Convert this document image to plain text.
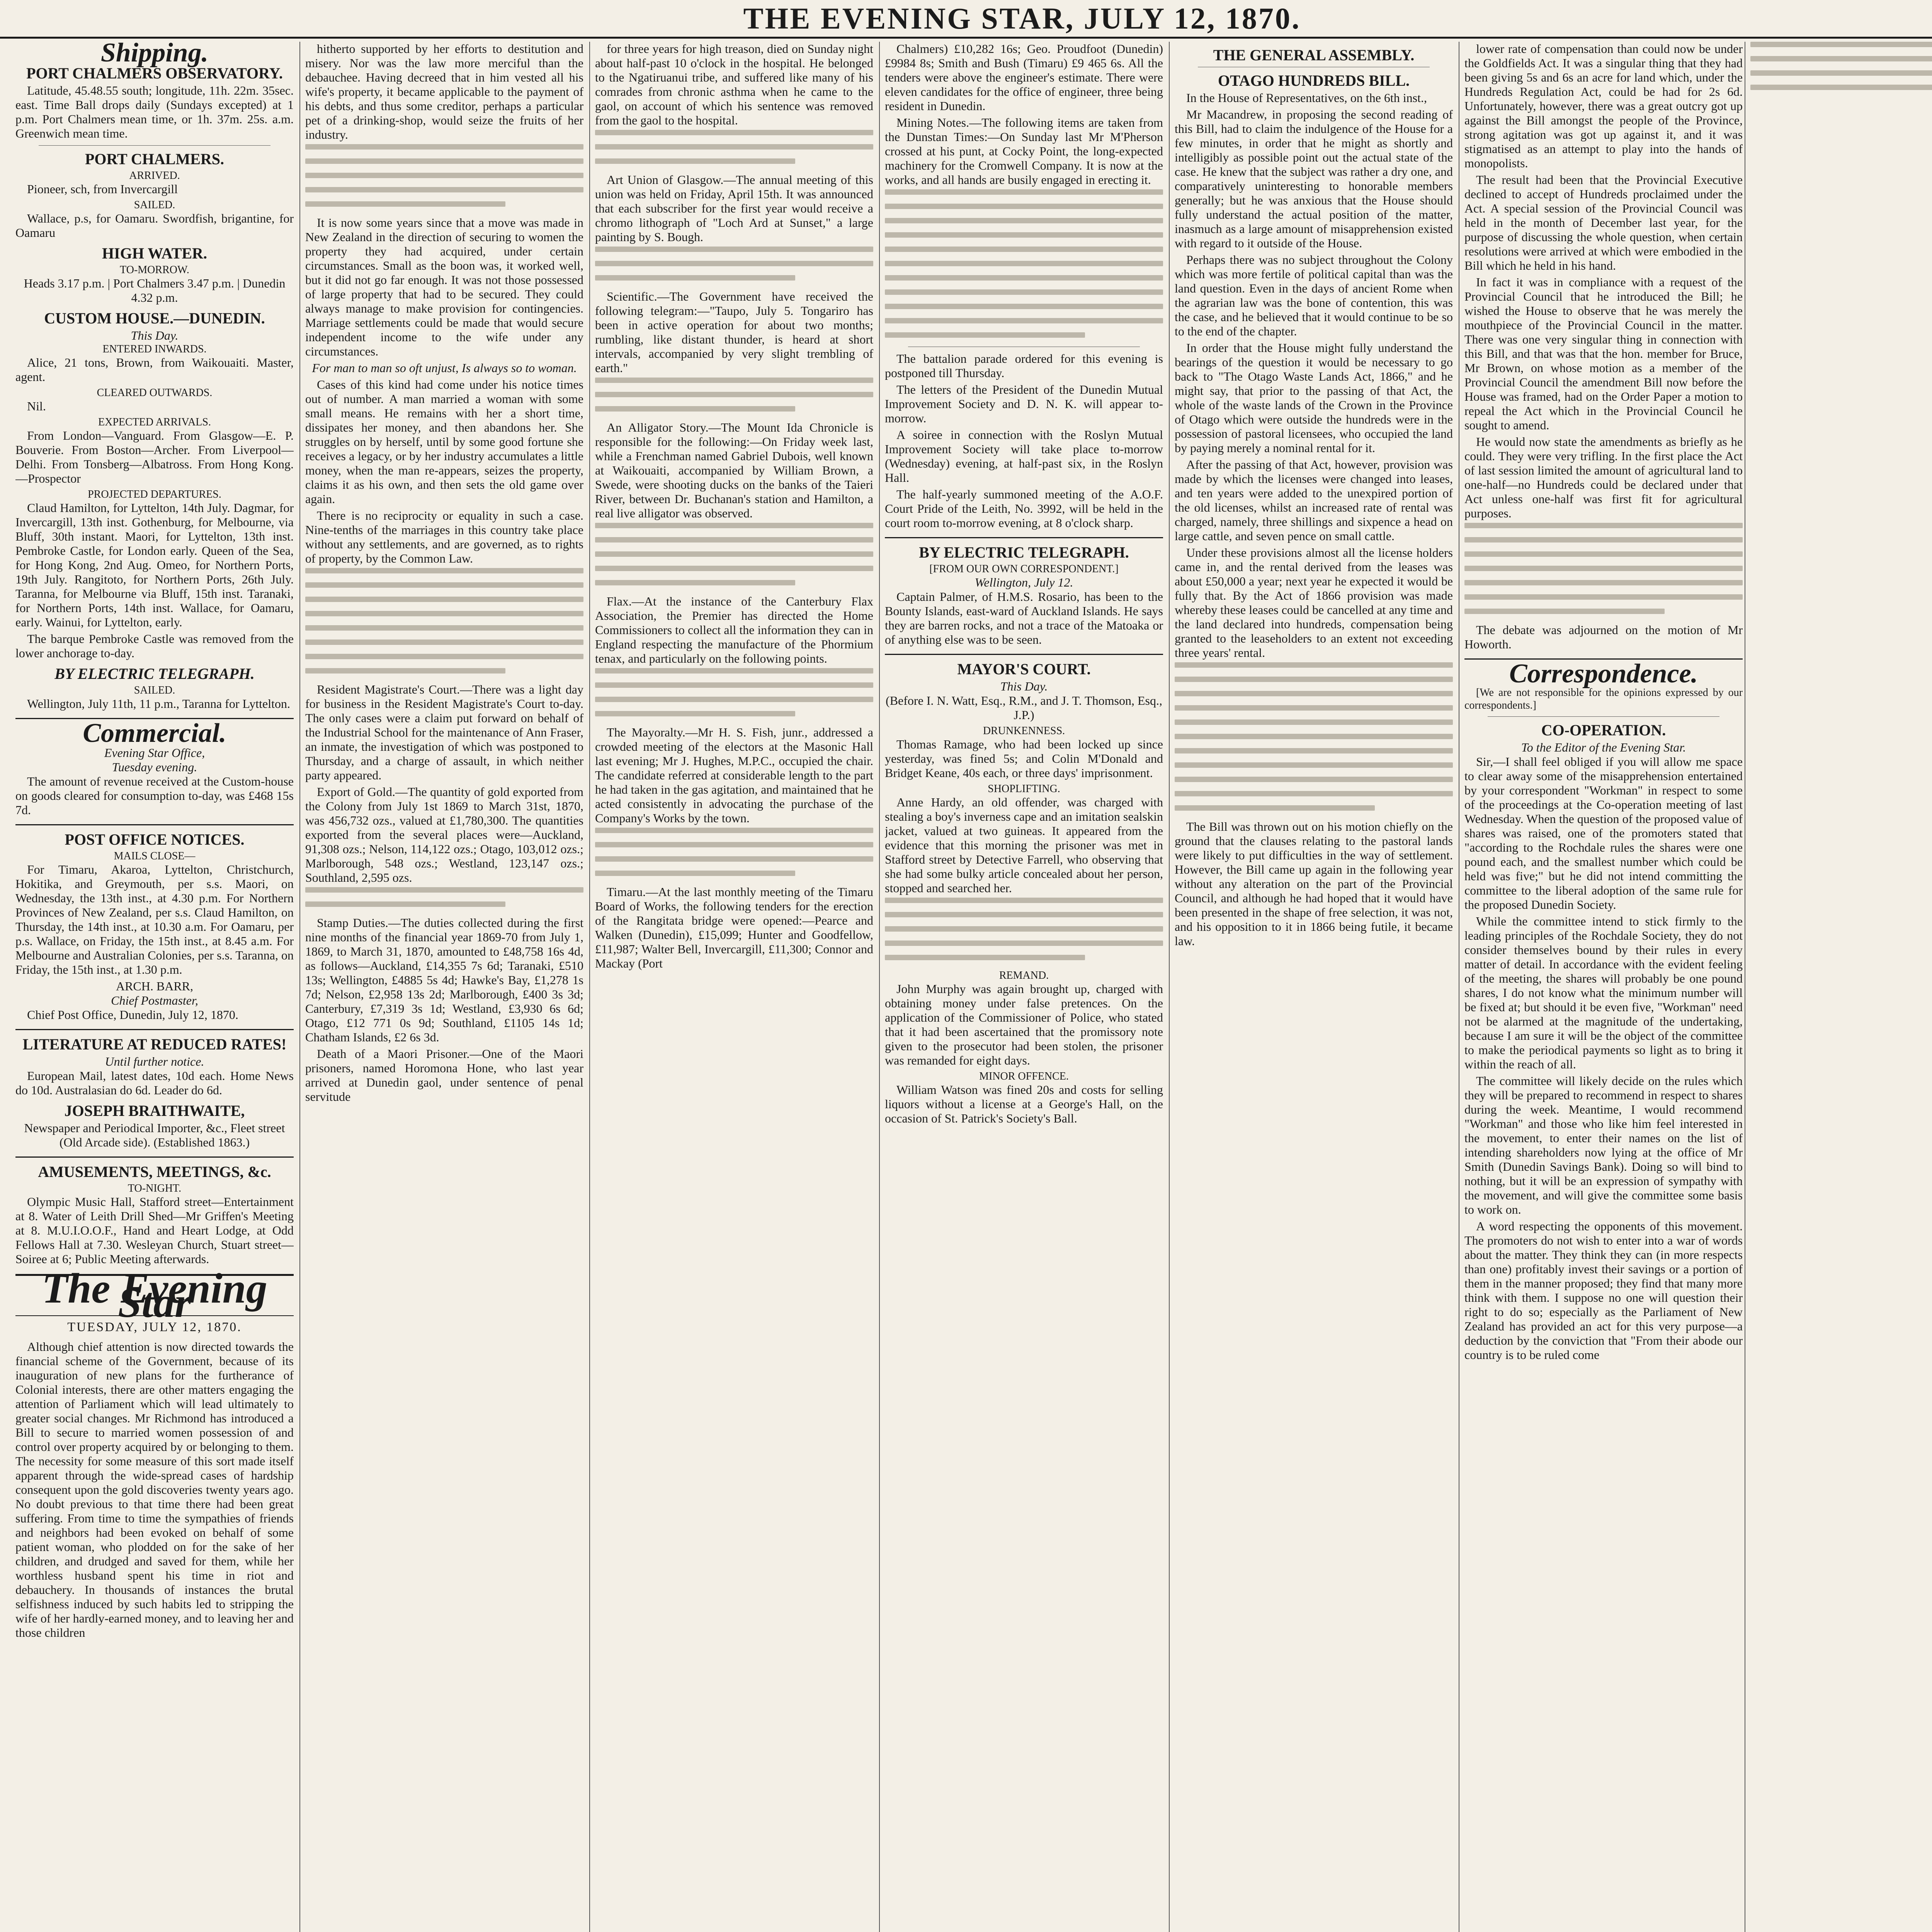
THE EVENING STAR, JULY 12, 1870.
Shipping.
PORT CHALMERS OBSERVATORY.

Latitude, 45.48.55 south; longitude, 11h. 22m. 35sec. east. Time Ball drops daily (Sundays excepted) at 1 p.m. Port Chalmers mean time, or 1h. 37m. 25s. a.m. Greenwich mean time.

PORT CHALMERS.
ARRIVED.

Pioneer, sch, from Invercargill

SAILED.

Wallace, p.s, for Oamaru. Swordfish, brigantine, for Oamaru

HIGH WATER.
TO-MORROW.

Heads 3.17 p.m. | Port Chalmers 3.47 p.m. | Dunedin 4.32 p.m.

CUSTOM HOUSE.—DUNEDIN.
This Day.
ENTERED INWARDS.

Alice, 21 tons, Brown, from Waikouaiti. Master, agent.

CLEARED OUTWARDS.

Nil.

EXPECTED ARRIVALS.

From London—Vanguard. From Glasgow—E. P. Bouverie. From Boston—Archer. From Liverpool—Delhi. From Tonsberg—Albatross. From Hong Kong.—Prospector

PROJECTED DEPARTURES.

Claud Hamilton, for Lyttelton, 14th July. Dagmar, for Invercargill, 13th inst. Gothenburg, for Melbourne, via Bluff, 30th instant. Maori, for Lyttelton, 13th inst. Pembroke Castle, for London early. Queen of the Sea, for Hong Kong, 2nd Aug. Omeo, for Northern Ports, 19th July. Rangitoto, for Northern Ports, 26th July. Taranna, for Melbourne via Bluff, 15th inst. Taranaki, for Northern Ports, 14th inst. Wallace, for Oamaru, early. Wainui, for Lyttelton, early.

The barque Pembroke Castle was removed from the lower anchorage to-day.

BY ELECTRIC TELEGRAPH.
SAILED.

Wellington, July 11th, 11 p.m., Taranna for Lyttelton.

Commercial.
Evening Star Office,
Tuesday evening.

The amount of revenue received at the Custom-house on goods cleared for consumption to-day, was £468 15s 7d.

POST OFFICE NOTICES.
MAILS CLOSE—

For Timaru, Akaroa, Lyttelton, Christchurch, Hokitika, and Greymouth, per s.s. Maori, on Wednesday, the 13th inst., at 4.30 p.m. For Northern Provinces of New Zealand, per s.s. Claud Hamilton, on Thursday, the 14th inst., at 10.30 a.m. For Oamaru, per p.s. Wallace, on Friday, the 15th inst., at 8.45 a.m. For Melbourne and Australian Colonies, per s.s. Taranna, on Friday, the 15th inst., at 1.30 p.m.

ARCH. BARR,
Chief Postmaster,

Chief Post Office, Dunedin, July 12, 1870.

LITERATURE AT REDUCED RATES!
Until further notice.

European Mail, latest dates, 10d each. Home News do 10d. Australasian do 6d. Leader do 6d.

JOSEPH BRAITHWAITE,

Newspaper and Periodical Importer, &c., Fleet street (Old Arcade side). (Established 1863.)

AMUSEMENTS, MEETINGS, &c.
TO-NIGHT.

Olympic Music Hall, Stafford street—Entertainment at 8. Water of Leith Drill Shed—Mr Griffen's Meeting at 8. M.U.I.O.O.F., Hand and Heart Lodge, at Odd Fellows Hall at 7.30. Wesleyan Church, Stuart street—Soiree at 6; Public Meeting afterwards.

The Evening Star
TUESDAY, JULY 12, 1870.

Although chief attention is now directed towards the financial scheme of the Government, because of its inauguration of new plans for the furtherance of Colonial interests, there are other matters engaging the attention of Parliament which will lead ultimately to greater social changes. Mr Richmond has introduced a Bill to secure to married women possession of and control over property acquired by or belonging to them. The necessity for some measure of this sort made itself apparent through the wide-spread cases of hardship consequent upon the gold discoveries twenty years ago. No doubt previous to that time there had been great suffering. From time to time the sympathies of friends and neighbors had been evoked on behalf of some patient woman, who plodded on for the sake of her children, and drudged and saved for them, while her worthless husband spent his time in riot and debauchery. In thousands of instances the brutal selfishness induced by such habits led to stripping the wife of her hardly-earned money, and to leaving her and those children

hitherto supported by her efforts to destitution and misery. Nor was the law more merciful than the debauchee. Having decreed that in him vested all his wife's property, it became applicable to the payment of his debts, and thus some creditor, perhaps a particular pet of a drinking-shop, would seize the fruits of her industry.

It is now some years since that a move was made in New Zealand in the direction of securing to women the property they had acquired, under certain circumstances. Small as the boon was, it worked well, but it did not go far enough. It was not those possessed of large property that had to be secured. They could always manage to make provision for contingencies. Marriage settlements could be made that would secure independent income to the wife under any circumstances.

For man to man so oft unjust, Is always so to woman.

Cases of this kind had come under his notice times out of number. A man married a woman with some small means. He remains with her a short time, dissipates her money, and then abandons her. She struggles on by herself, until by some good fortune she receives a legacy, or by her industry accumulates a little money, when the man re-appears, seizes the property, claims it as his own, and then sets the old game over again.

There is no reciprocity or equality in such a case. Nine-tenths of the marriages in this country take place without any settlements, and are governed, as to rights of property, by the Common Law.

Resident Magistrate's Court.—There was a light day for business in the Resident Magistrate's Court to-day. The only cases were a claim put forward on behalf of the Industrial School for the maintenance of Ann Fraser, an inmate, the investigation of which was postponed to Thursday, and a charge of assault, in which neither party appeared.

Export of Gold.—The quantity of gold exported from the Colony from July 1st 1869 to March 31st, 1870, was 456,732 ozs., valued at £1,780,300. The quantities exported from the several places were—Auckland, 91,308 ozs.; Nelson, 114,122 ozs.; Otago, 103,012 ozs.; Marlborough, 548 ozs.; Westland, 123,147 ozs.; Southland, 2,595 ozs.

Stamp Duties.—The duties collected during the first nine months of the financial year 1869-70 from July 1, 1869, to March 31, 1870, amounted to £48,758 16s 4d, as follows—Auckland, £14,355 7s 6d; Taranaki, £510 13s; Wellington, £4885 5s 4d; Hawke's Bay, £1,278 1s 7d; Nelson, £2,958 13s 2d; Marlborough, £400 3s 3d; Canterbury, £7,319 3s 1d; Westland, £3,930 6s 6d; Otago, £12 771 0s 9d; Southland, £1105 14s 1d; Chatham Islands, £2 6s 3d.

Death of a Maori Prisoner.—One of the Maori prisoners, named Horomona Hone, who last year arrived at Dunedin gaol, under sentence of penal servitude

for three years for high treason, died on Sunday night about half-past 10 o'clock in the hospital. He belonged to the Ngatiruanui tribe, and suffered like many of his comrades from chronic asthma when he came to the gaol, on account of which his sentence was removed from the gaol to the hospital.

Art Union of Glasgow.—The annual meeting of this union was held on Friday, April 15th. It was announced that each subscriber for the first year would receive a chromo lithograph of "Loch Ard at Sunset," a large painting by S. Bough.

Scientific.—The Government have received the following telegram:—"Taupo, July 5. Tongariro has been in active operation for about two months; rumbling, like distant thunder, is heard at short intervals, accompanied by very slight trembling of earth."

An Alligator Story.—The Mount Ida Chronicle is responsible for the following:—On Friday week last, while a Frenchman named Gabriel Dubois, well known at Waikouaiti, accompanied by William Brown, a Swede, were shooting ducks on the banks of the Taieri River, between Dr. Buchanan's station and Hamilton, a real live alligator was observed.

Flax.—At the instance of the Canterbury Flax Association, the Premier has directed the Home Commissioners to collect all the information they can in England respecting the manufacture of the Phormium tenax, and particularly on the following points.

The Mayoralty.—Mr H. S. Fish, junr., addressed a crowded meeting of the electors at the Masonic Hall last evening; Mr J. Hughes, M.P.C., occupied the chair. The candidate referred at considerable length to the part he had taken in the gas agitation, and maintained that he acted consistently in advocating the purchase of the Company's Works by the town.

Timaru.—At the last monthly meeting of the Timaru Board of Works, the following tenders for the erection of the Rangitata bridge were opened:—Pearce and Walken (Dunedin), £15,099; Hunter and Goodfellow, £11,987; Walter Bell, Invercargill, £11,300; Connor and Mackay (Port

Chalmers) £10,282 16s; Geo. Proudfoot (Dunedin) £9984 8s; Smith and Bush (Timaru) £9 465 6s. All the tenders were above the engineer's estimate. There were eleven candidates for the office of engineer, three being resident in Dunedin.

Mining Notes.—The following items are taken from the Dunstan Times:—On Sunday last Mr M'Pherson crossed at his punt, at Cocky Point, the long-expected machinery for the Cromwell Company. It is now at the works, and all hands are busily engaged in erecting it.

The battalion parade ordered for this evening is postponed till Thursday.

The letters of the President of the Dunedin Mutual Improvement Society and D. N. K. will appear to-morrow.

A soiree in connection with the Roslyn Mutual Improvement Society will take place to-morrow (Wednesday) evening, at half-past six, in the Roslyn Hall.

The half-yearly summoned meeting of the A.O.F. Court Pride of the Leith, No. 3992, will be held in the court room to-morrow evening, at 8 o'clock sharp.

BY ELECTRIC TELEGRAPH.
[FROM OUR OWN CORRESPONDENT.]
Wellington, July 12.

Captain Palmer, of H.M.S. Rosario, has been to the Bounty Islands, east-ward of Auckland Islands. He says they are barren rocks, and not a trace of the Matoaka or of anything else was to be seen.

MAYOR'S COURT.
This Day.

(Before I. N. Watt, Esq., R.M., and J. T. Thomson, Esq., J.P.)

DRUNKENNESS.

Thomas Ramage, who had been locked up since yesterday, was fined 5s; and Colin M'Donald and Bridget Keane, 40s each, or three days' imprisonment.

SHOPLIFTING.

Anne Hardy, an old offender, was charged with stealing a boy's inverness cape and an imitation sealskin jacket, valued at two guineas. It appeared from the evidence that this morning the prisoner was met in Stafford street by Detective Farrell, who observing that she had some bulky article concealed about her person, stopped and searched her.

REMAND.

John Murphy was again brought up, charged with obtaining money under false pretences. On the application of the Commissioner of Police, who stated that it had been ascertained that the promissory note given to the prosecutor had been stolen, the prisoner was remanded for eight days.

MINOR OFFENCE.

William Watson was fined 20s and costs for selling liquors without a license at a George's Hall, on the occasion of St. Patrick's Society's Ball.

THE GENERAL ASSEMBLY.
OTAGO HUNDREDS BILL.

In the House of Representatives, on the 6th inst.,

Mr Macandrew, in proposing the second reading of this Bill, had to claim the indulgence of the House for a few minutes, in order that he might as shortly and intelligibly as possible point out the actual state of the case. He knew that the subject was rather a dry one, and comparatively uninteresting to honorable members generally; but he was anxious that the House should fully understand the actual position of the matter, inasmuch as a large amount of misapprehension existed with regard to it outside of the House.

Perhaps there was no subject throughout the Colony which was more fertile of political capital than was the land question. Even in the days of ancient Rome when the agrarian law was the bone of contention, this was the case, and he believed that it would continue to be so to the end of the chapter.

In order that the House might fully understand the bearings of the question it would be necessary to go back to "The Otago Waste Lands Act, 1866," and he might say, that prior to the passing of that Act, the whole of the waste lands of the Crown in the Province of Otago which were outside the hundreds were in the possession of pastoral licensees, who occupied the land by paying merely a nominal rental for it.

After the passing of that Act, however, provision was made by which the licenses were changed into leases, and ten years were added to the unexpired portion of the old licenses, whilst an increased rate of rental was charged, namely, three shillings and sixpence a head on large cattle, and seven pence on small cattle.

Under these provisions almost all the license holders came in, and the rental derived from the leases was about £50,000 a year; next year he expected it would be fully that. By the Act of 1866 provision was made whereby these leases could be cancelled at any time and the land declared into hundreds, compensation being granted to the leaseholders to an extent not exceeding three years' rental.

The Bill was thrown out on his motion chiefly on the ground that the clauses relating to the pastoral lands were likely to put difficulties in the way of settlement. However, the Bill came up again in the following year without any alteration on the part of the Provincial Council, and although he had hoped that it would have been presented in the shape of free selection, it was not, and his opposition to it in 1866 being futile, it became law.

lower rate of compensation than could now be under the Goldfields Act. It was a singular thing that they had been giving 5s and 6s an acre for land which, under the Hundreds Regulation Act, could be had for 2s 6d. Unfortunately, however, there was a great outcry got up against the Bill amongst the people of the Province, strong agitation was got up against it, and it was stigmatised as an attempt to play into the hands of monopolists.

The result had been that the Provincial Executive declined to accept of Hundreds proclaimed under the Act. A special session of the Provincial Council was held in the month of December last year, for the purpose of discussing the whole question, when certain resolutions were arrived at which were embodied in the Bill which he held in his hand.

In fact it was in compliance with a request of the Provincial Council that he introduced the Bill; he wished the House to observe that he was merely the mouthpiece of the Provincial Council in the matter. There was one very singular thing in connection with this Bill, and that was that the hon. member for Bruce, Mr Brown, on whose motion as a member of the Provincial Council the amendment Bill now before the House was framed, had on the Order Paper a motion to repeal the Act which in the Provincial Council he sought to amend.

He would now state the amendments as briefly as he could. They were very trifling. In the first place the Act of last session limited the amount of agricultural land to one-half—no Hundreds could be declared under that Act unless one-half was first fit for agricultural purposes.

The debate was adjourned on the motion of Mr Howorth.

Correspondence.

[We are not responsible for the opinions expressed by our correspondents.]

CO-OPERATION.
To the Editor of the Evening Star.

Sir,—I shall feel obliged if you will allow me space to clear away some of the misapprehension entertained by your correspondent "Workman" in respect to some of the proceedings at the Co-operation meeting of last Wednesday. When the question of the proposed value of shares was raised, one of the promoters stated that "according to the Rochdale rules the shares were one pound each, and the smallest number which could be held was five;" but he did not intend committing the committee to the liberal adoption of the same rule for the proposed Dunedin Society.

While the committee intend to stick firmly to the leading principles of the Rochdale Society, they do not consider themselves bound by their rules in every matter of detail. In accordance with the evident feeling of the meeting, the shares will probably be one pound shares, I do not know what the minimum number will be fixed at; but should it be even five, "Workman" need not be alarmed at the magnitude of the undertaking, because I am sure it will be the object of the committee to make the periodical payments so light as to bring it within the reach of all.

The committee will likely decide on the rules which they will be prepared to recommend in respect to shares during the week. Meantime, I would recommend "Workman" and those who like him feel interested in the movement, to enter their names on the list of intending shareholders now lying at the office of Mr Smith (Dunedin Savings Bank). Doing so will bind to nothing, but it will be an expression of sympathy with the movement, and will give the committee some basis to work on.

A word respecting the opponents of this movement. The promoters do not wish to enter into a war of words about the matter. They think they can (in more respects than one) profitably invest their savings or a portion of them in the manner proposed; they find that many more think with them. I suppose no one will question their right to do so; especially as the Parliament of New Zealand has provided an act for this very purpose—a deduction by the conviction that "From their abode our country is to be ruled come
